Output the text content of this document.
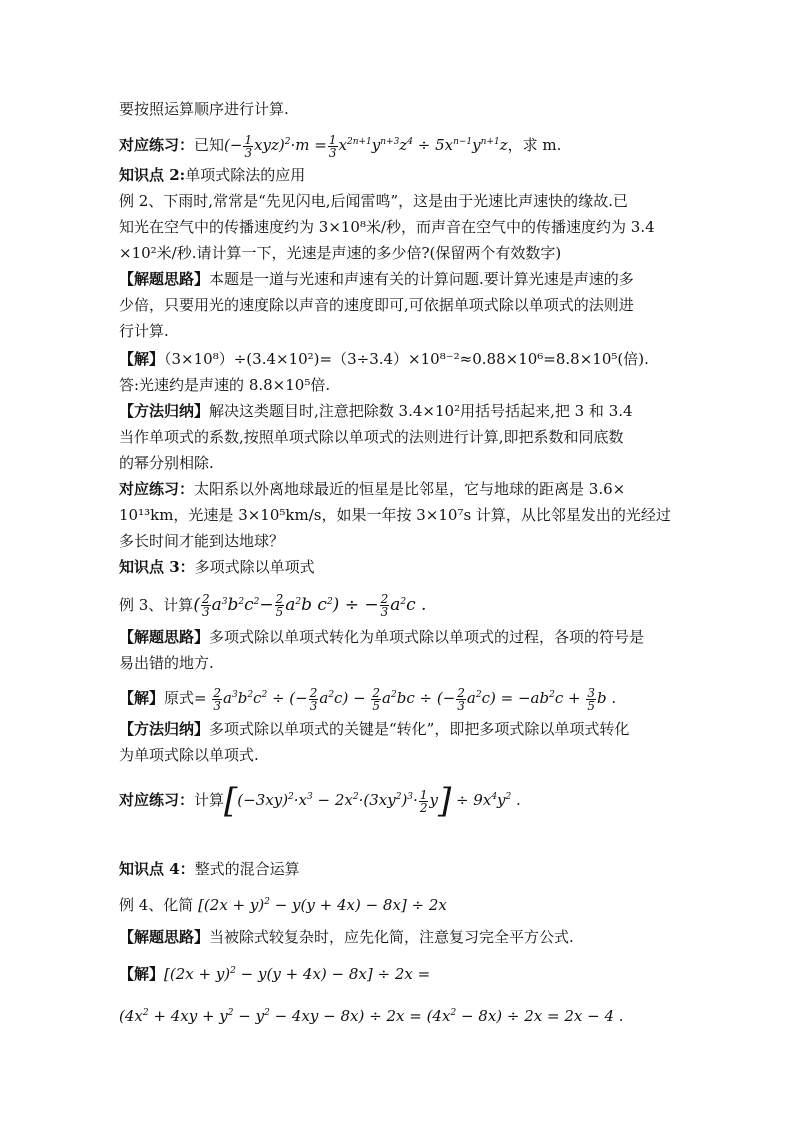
要按照运算顺序进行计算.
对应练习：已知(− $\frac{1}{3} xyz)^2\cdot m = \frac{1}{3} x^{2n+1}y^{n+3}z^4 \div 5x^{n-1}y^{n+1}z$，求 m.
知识点 2:单项式除法的应用
例 2、下雨时,常常是“先见闪电,后闻雷鸣”，这是由于光速比声速快的缘故.已
知光在空气中的传播速度约为 3×10⁸米/秒，而声音在空气中的传播速度约为 3.4
×10²米/秒.请计算一下，光速是声速的多少倍?(保留两个有效数字)
【解题思路】本题是一道与光速和声速有关的计算问题.要计算光速是声速的多
少倍，只要用光的速度除以声音的速度即可,可依据单项式除以单项式的法则进
行计算.
【解】（3×10⁸）÷(3.4×10²)=（3÷3.4）×10⁸⁻²≈0.88×10⁶=8.8×10⁵(倍).
答:光速约是声速的 8.8×10⁵倍.
【方法归纳】解决这类题目时,注意把除数 3.4×10²用括号括起来,把 3 和 3.4
当作单项式的系数,按照单项式除以单项式的法则进行计算,即把系数和同底数
的幂分别相除.
对应练习：太阳系以外离地球最近的恒星是比邻星，它与地球的距离是 3.6×
10¹³km，光速是 3×10⁵km/s，如果一年按 3×10⁷s 计算，从比邻星发出的光经过
多长时间才能到达地球？
知识点 3：多项式除以单项式
例 3、计算( $\frac{2}{3} a^3b^2c^2- \frac{2}{5} a^2b$ $c^2$) ÷ − $\frac{2}{3} a^2c$ .
【解题思路】多项式除以单项式转化为单项式除以单项式的过程，各项的符号是
易出错的地方.
【解】原式= $\frac{2}{3} a^3b^2c^2$ ÷ (− $\frac{2}{3} a^2c) - \frac{2}{5} a^2bc$ ÷ (− $\frac{2}{3} a^2c) = -ab^2c + \frac{3}{5}$ b .
【方法归纳】多项式除以单项式的关键是“转化”，即把多项式除以单项式转化
为单项式除以单项式.
对应练习：计算$[(-3xy)^2\cdot x^3 - 2x^2\cdot(3xy^2)^3\cdot \frac{1}{2} y] \div 9x^4y^2$ .
知识点 4：整式的混合运算
例 4、化简 $[(2x + y)^2 - y(y + 4x) - 8x] \div 2x$
【解题思路】当被除式较复杂时，应先化简，注意复习完全平方公式.
【解】$[(2x + y)^2 - y(y + 4x) - 8x] \div 2x$ =
$(4x^2 + 4xy + y^2 - y^2 - 4xy - 8x) \div 2x = (4x^2 - 8x) \div 2x = 2x - 4$ .
